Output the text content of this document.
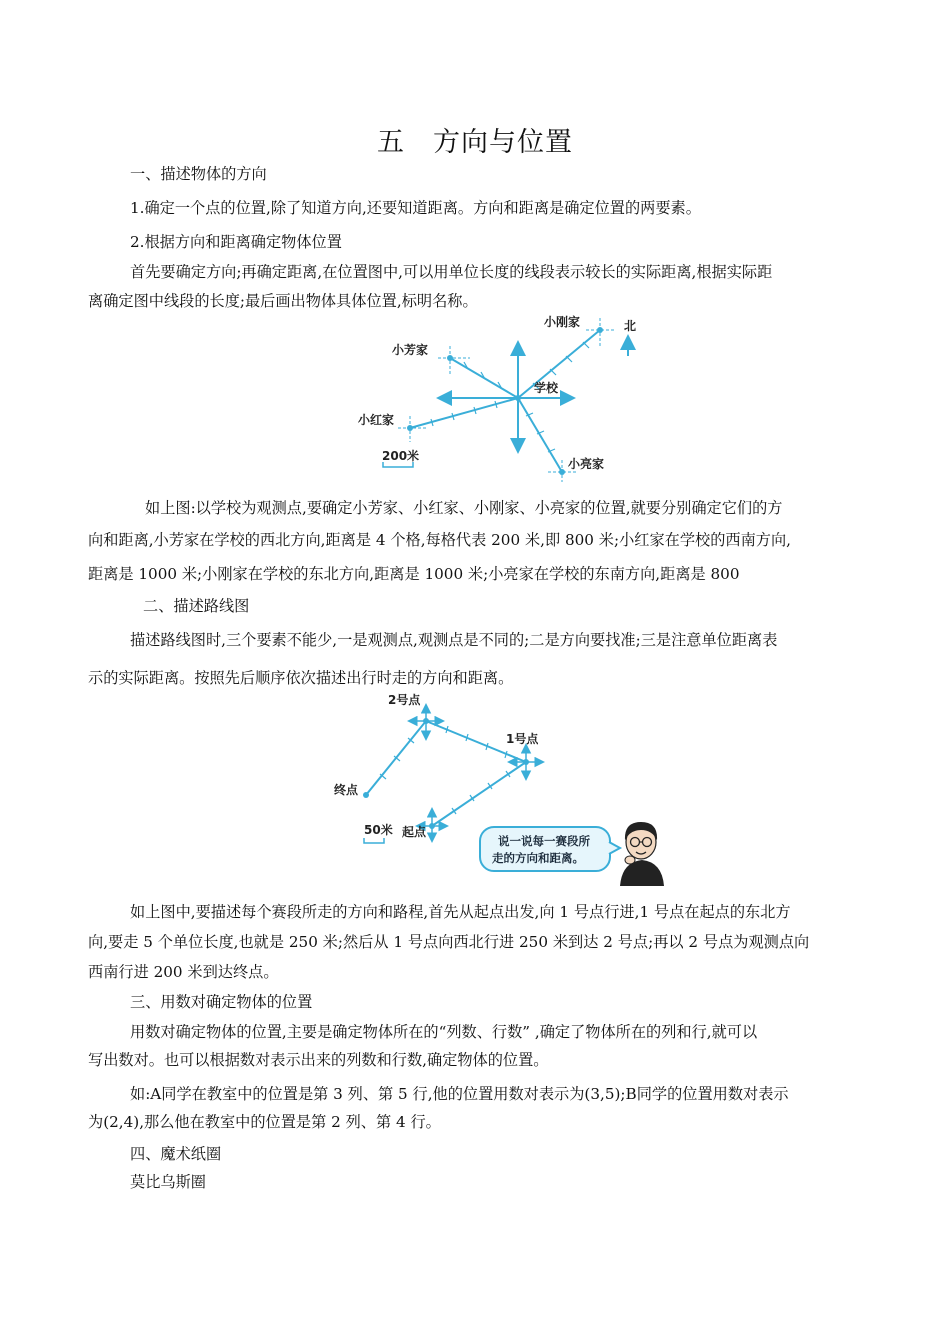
五　方向与位置
一、描述物体的方向
1.确定一个点的位置,除了知道方向,还要知道距离。方向和距离是确定位置的两要素。
2.根据方向和距离确定物体位置
首先要确定方向;再确定距离,在位置图中,可以用单位长度的线段表示较长的实际距离,根据实际距
离确定图中线段的长度;最后画出物体具体位置,标明名称。
北
学校
小芳家
小刚家
小红家
小亮家
200米
如上图:以学校为观测点,要确定小芳家、小红家、小刚家、小亮家的位置,就要分别确定它们的方
向和距离,小芳家在学校的西北方向,距离是 4 个格,每格代表 200 米,即 800 米;小红家在学校的西南方向,
距离是 1000 米;小刚家在学校的东北方向,距离是 1000 米;小亮家在学校的东南方向,距离是 800
二、描述路线图
描述路线图时,三个要素不能少,一是观测点,观测点是不同的;二是方向要找准;三是注意单位距离表
示的实际距离。按照先后顺序依次描述出行时走的方向和距离。
2号点
1号点
终点
起点
50米
说一说每一赛段所
走的方向和距离。
如上图中,要描述每个赛段所走的方向和路程,首先从起点出发,向 1 号点行进,1 号点在起点的东北方
向,要走 5 个单位长度,也就是 250 米;然后从 1 号点向西北行进 250 米到达 2 号点;再以 2 号点为观测点向
西南行进 200 米到达终点。
三、用数对确定物体的位置
用数对确定物体的位置,主要是确定物体所在的“列数、行数” ,确定了物体所在的列和行,就可以
写出数对。也可以根据数对表示出来的列数和行数,确定物体的位置。
如:A同学在教室中的位置是第 3 列、第 5 行,他的位置用数对表示为(3,5);B同学的位置用数对表示
为(2,4),那么他在教室中的位置是第 2 列、第 4 行。
四、魔术纸圈
莫比乌斯圈
